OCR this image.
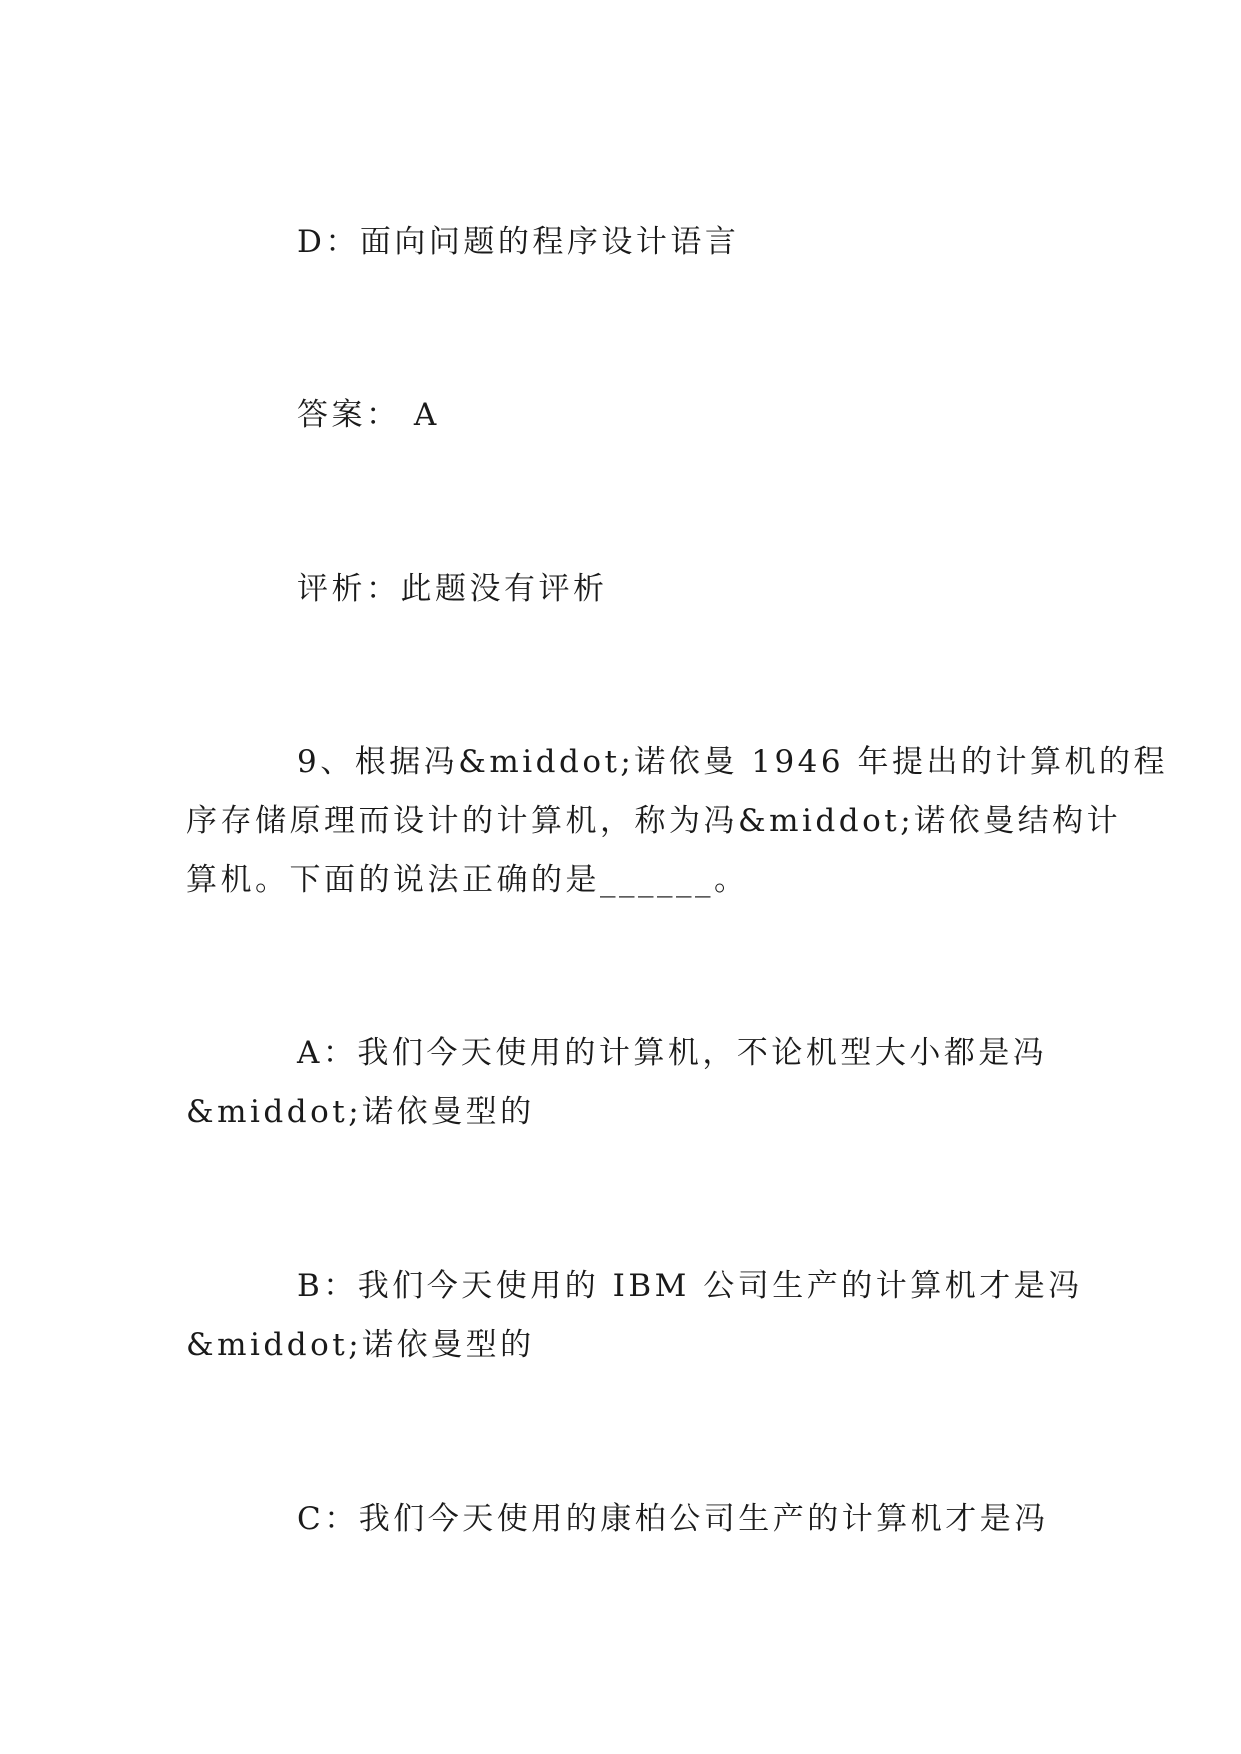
D：面向问题的程序设计语言
答案： A
评析：此题没有评析
9、根据冯&middot;诺依曼 1946 年提出的计算机的程
序存储原理而设计的计算机，称为冯&middot;诺依曼结构计
算机。下面的说法正确的是______。
A：我们今天使用的计算机，不论机型大小都是冯
&middot;诺依曼型的
B：我们今天使用的 IBM 公司生产的计算机才是冯
&middot;诺依曼型的
C：我们今天使用的康柏公司生产的计算机才是冯
